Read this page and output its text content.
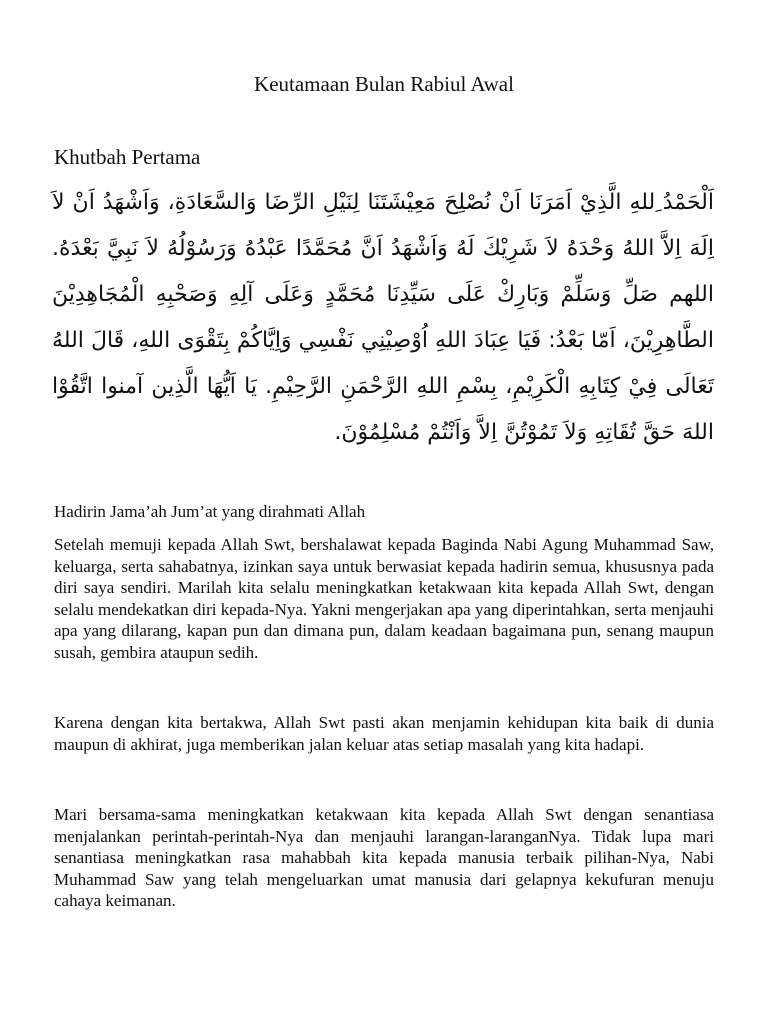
Keutamaan Bulan Rabiul Awal
Khutbah Pertama
اَلْحَمْدُ ِللهِ الَّذِيْ اَمَرَنَا اَنْ نُصْلِحَ مَعِيْشَتَنَا لِنَيْلِ الرِّضَا وَالسَّعَادَةِ، وَاَشْهَدُ اَنْ لاَ اِلَهَ اِلاَّ اللهُ وَحْدَهُ لاَ شَرِيْكَ لَهُ وَاَشْهَدُ اَنَّ مُحَمَّدًا عَبْدُهُ وَرَسُوْلُهُ لاَ نَبِيَّ بَعْدَهُ. اللهم صَلِّ وَسَلِّمْ وَبَارِكْ عَلَى سَيِّدِنَا مُحَمَّدٍ وَعَلَى آلِهِ وَصَحْبِهِ الْمُجَاهِدِيْنَ الطَّاهِرِيْنَ، اَمّا بَعْدُ: فَيَا عِبَادَ اللهِ اُوْصِيْنِي نَفْسِي وَاِيَّاكُمْ بِتَقْوَى اللهِ، قَالَ اللهُ تَعَالَى فِيْ كِتَابِهِ الْكَرِيْمِ، بِسْمِ اللهِ الرَّحْمَنِ الرَّحِيْمِ. يَا اَيُّهَا الَّذِين آمنوا اتَّقُوْا اللهَ حَقَّ تُقَاتِهِ وَلاَ تَمُوْتُنَّ اِلاَّ وَاَنْتُمْ مُسْلِمُوْنَ.
Hadirin Jama’ah Jum’at yang dirahmati Allah

Setelah memuji kepada Allah Swt, bershalawat kepada Baginda Nabi Agung Muhammad Saw, keluarga, serta sahabatnya, izinkan saya untuk berwasiat kepada hadirin semua, khususnya pada diri saya sendiri. Marilah kita selalu meningkatkan ketakwaan kita kepada Allah Swt, dengan selalu mendekatkan diri kepada-Nya. Yakni mengerjakan apa yang diperintahkan, serta menjauhi apa yang dilarang, kapan pun dan dimana pun, dalam keadaan bagaimana pun, senang maupun susah, gembira ataupun sedih.

Karena dengan kita bertakwa, Allah Swt pasti akan menjamin kehidupan kita baik di dunia maupun di akhirat, juga memberikan jalan keluar atas setiap masalah yang kita hadapi.

Mari bersama-sama meningkatkan ketakwaan kita kepada Allah Swt dengan senantiasa menjalankan perintah-perintah-Nya dan menjauhi larangan-laranganNya. Tidak lupa mari senantiasa meningkatkan rasa mahabbah kita kepada manusia terbaik pilihan-Nya, Nabi Muhammad Saw yang telah mengeluarkan umat manusia dari gelapnya kekufuran menuju cahaya keimanan.
